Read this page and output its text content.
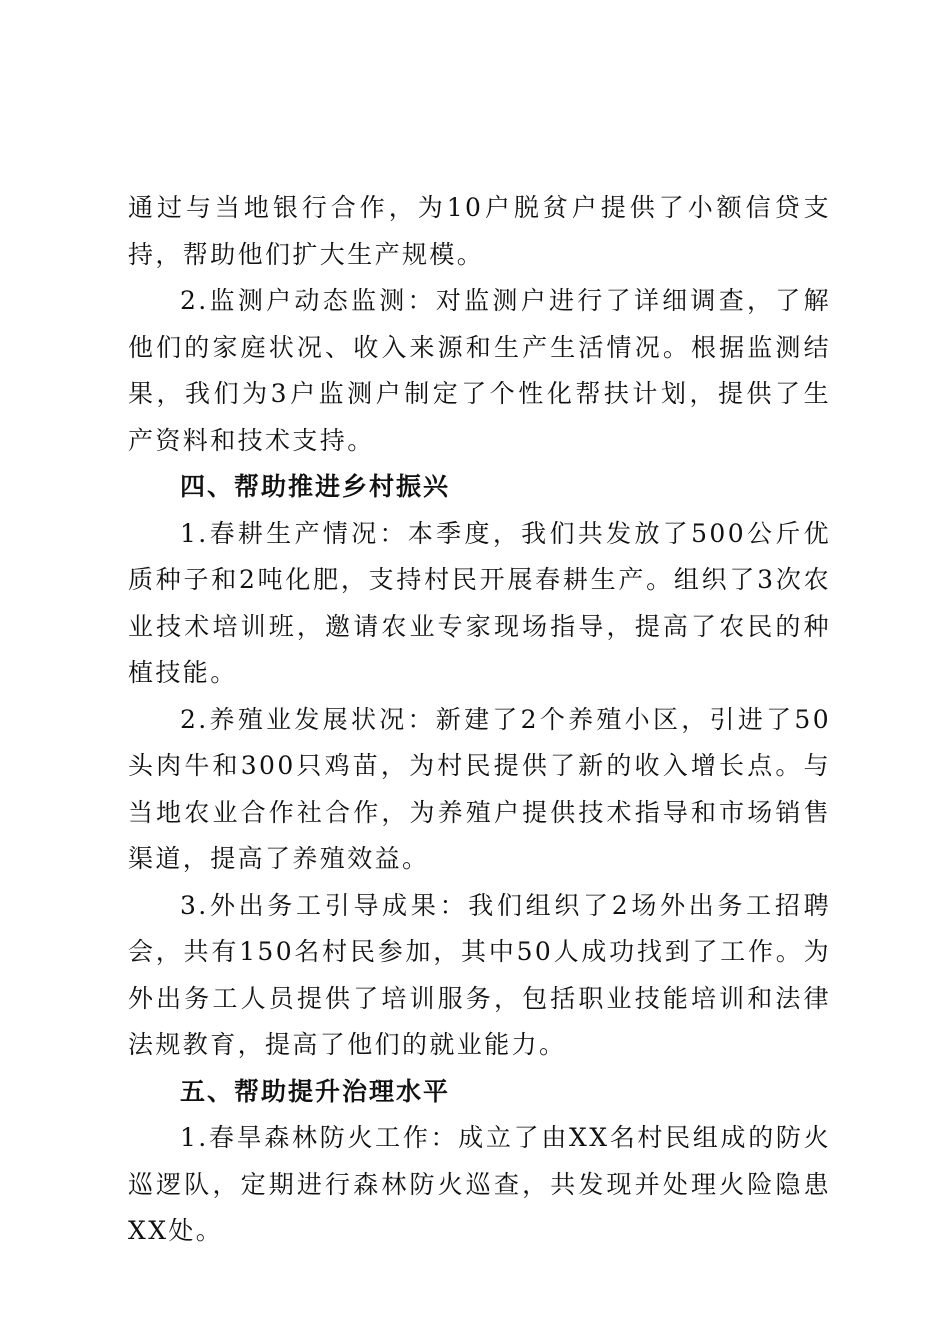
通过与当地银行合作，为10户脱贫户提供了小额信贷支持，帮助他们扩大生产规模。

2.监测户动态监测：对监测户进行了详细调查，了解他们的家庭状况、收入来源和生产生活情况。根据监测结果，我们为3户监测户制定了个性化帮扶计划，提供了生产资料和技术支持。

四、帮助推进乡村振兴

1.春耕生产情况：本季度，我们共发放了500公斤优质种子和2吨化肥，支持村民开展春耕生产。组织了3次农业技术培训班，邀请农业专家现场指导，提高了农民的种植技能。

2.养殖业发展状况：新建了2个养殖小区，引进了50头肉牛和300只鸡苗，为村民提供了新的收入增长点。与当地农业合作社合作，为养殖户提供技术指导和市场销售渠道，提高了养殖效益。

3.外出务工引导成果：我们组织了2场外出务工招聘会，共有150名村民参加，其中50人成功找到了工作。为外出务工人员提供了培训服务，包括职业技能培训和法律法规教育，提高了他们的就业能力。

五、帮助提升治理水平

1.春旱森林防火工作：成立了由XX名村民组成的防火巡逻队，定期进行森林防火巡查，共发现并处理火险隐患XX处。
